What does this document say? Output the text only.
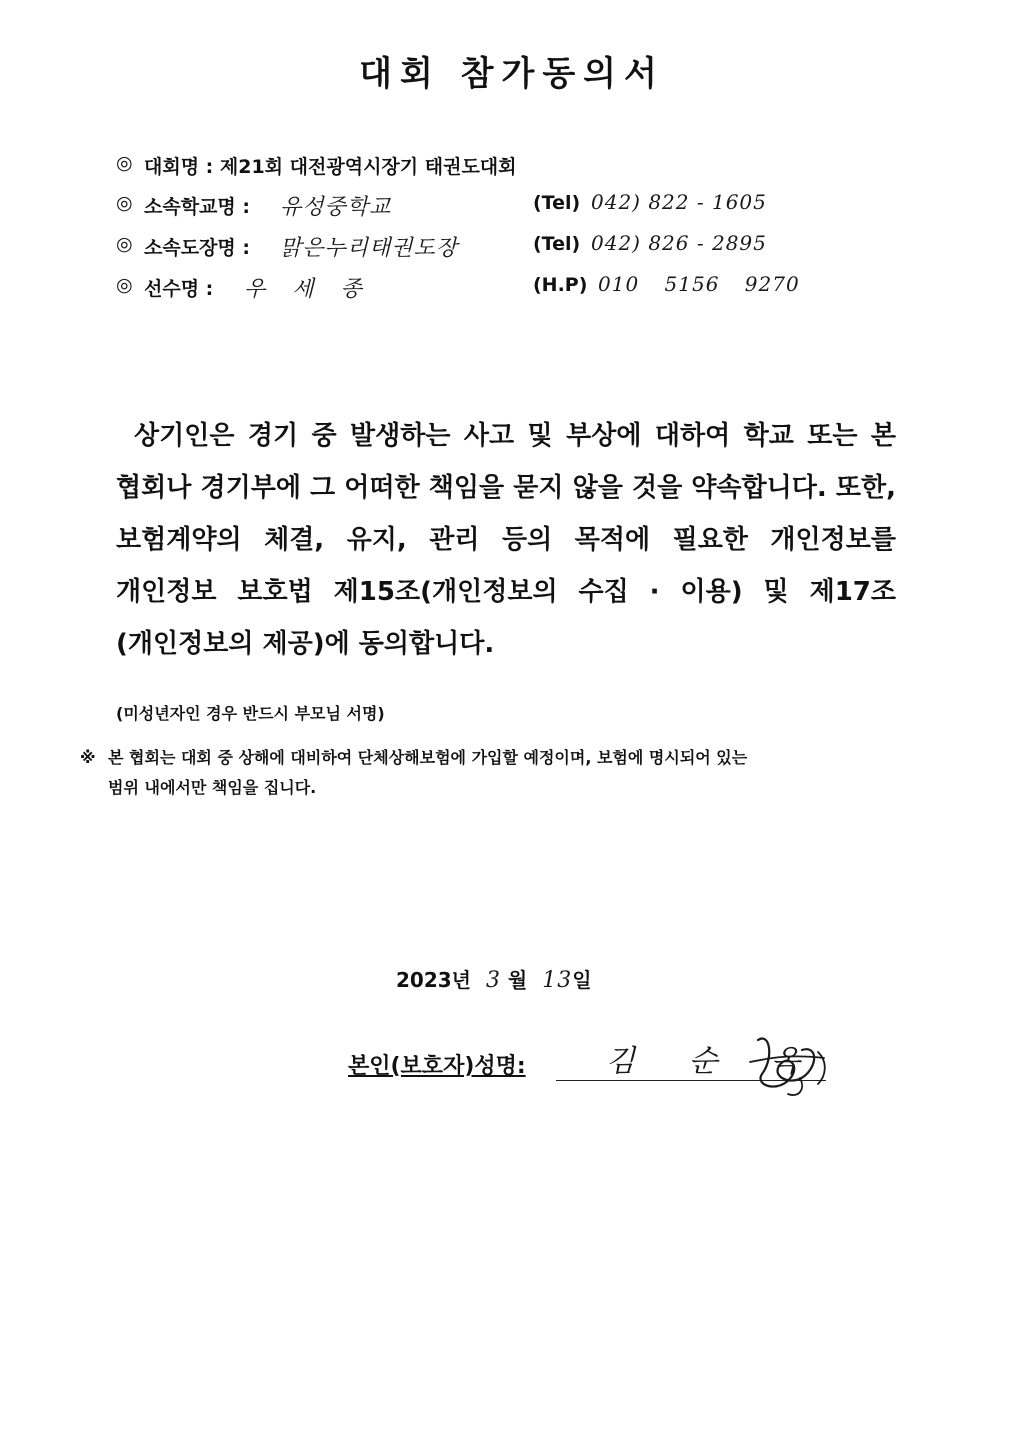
대회 참가동의서
◎ 대회명 : 제21회 대전광역시장기 태권도대회
◎ 소속학교명 : 유성중학교	(Tel) 042) 822 - 1605
◎ 소속도장명 : 맑은누리태권도장	(Tel) 042) 826 - 2895
◎ 선수명 : 우 세 종	(H.P) 010 5156 9270
상기인은 경기 중 발생하는 사고 및 부상에 대하여 학교 또는 본 협회나 경기부에 그 어떠한 책임을 묻지 않을 것을 약속합니다. 또한, 보험계약의 체결, 유지, 관리 등의 목적에 필요한 개인정보를 개인정보 보호법 제15조(개인정보의 수집 · 이용) 및 제17조(개인정보의 제공)에 동의합니다.
(미성년자인 경우 반드시 부모님 서명)
※ 본 협회는 대회 중 상해에 대비하여 단체상해보험에 가입할 예정이며, 보험에 명시되어 있는
범위 내에서만 책임을 집니다.
2023년 3 월 13일
본인(보호자)성명:	김 순 옥
